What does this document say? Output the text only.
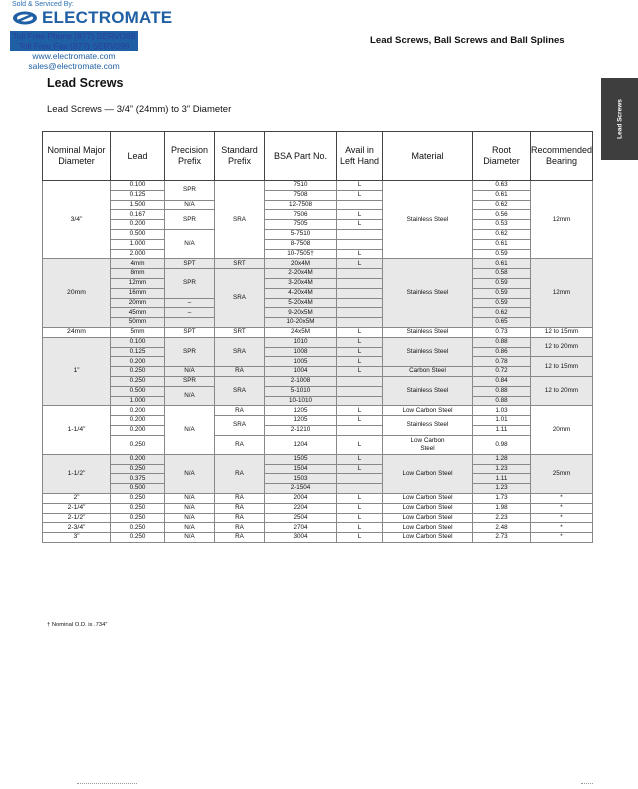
Sold & Serviced By:
ELECTROMATE
Toll Free Phone (877) SERVO98
Toll Free Fax (877) SERV099
www.electromate.com
sales@electromate.com
Lead Screws, Ball Screws and Ball Splines
Lead Screws
Lead Screws
Lead Screws — 3/4” (24mm) to 3” Diameter
Nominal Major Diameter	Lead	Precision Prefix	Standard Prefix	BSA Part No.	Avail in Left Hand	Material	Root Diameter	Recommended Bearing
3/4”	0.100	SPR	SRA	7510	L	Stainless Steel	0.63	12mm
	0.125			7508	L		0.61	
	1.500	N/A		12-7508			0.62	
	0.167	SPR		7506	L		0.56	
	0.200			7505	L		0.53	
	0.500	N/A		5-7510			0.62	
	1.000			8-7508			0.61	
	2.000			10-7505†	L		0.59	
20mm	4mm	SPT	SRT	20x4M	L	Stainless Steel	0.61	12mm
	8mm	SPR	SRA	2-20x4M			0.58	
	12mm			3-20x4M			0.59	
	16mm			4-20x4M			0.59	
	20mm	–		5-20x4M			0.59	
	45mm	–		9-20x5M			0.62	
	50mm			10-20x5M			0.65	
24mm	5mm	SPT	SRT	24x5M	L	Stainless Steel	0.73	12 to 15mm
1”	0.100	SPR	SRA	1010	L	Stainless Steel	0.88	12 to 20mm
	0.125			1008	L		0.86	
	0.200			1005	L		0.78	12 to 15mm
	0.250	N/A	RA	1004	L	Carbon Steel	0.72	
	0.250	SPR	SRA	2-1008		Stainless Steel	0.84	12 to 20mm
	0.500	N/A		5-1010			0.88	
	1.000			10-1010			0.88	
1-1/4”	0.200	N/A	RA	1205	L	Low Carbon Steel	1.03	20mm
	0.200		SRA	1205	L	Stainless Steel	1.01	
	0.200			2-1210			1.11	
	0.250		RA	1204	L	Low Carbon Steel	0.98	
1-1/2”	0.200	N/A	RA	1505	L	Low Carbon Steel	1.28	25mm
	0.250			1504	L		1.23	
	0.375			1503			1.11	
	0.500			2-1504			1.23	
2”	0.250	N/A	RA	2004	L	Low Carbon Steel	1.73	*
2-1/4”	0.250	N/A	RA	2204	L	Low Carbon Steel	1.98	*
2-1/2”	0.250	N/A	RA	2504	L	Low Carbon Steel	2.23	*
2-3/4”	0.250	N/A	RA	2704	L	Low Carbon Steel	2.48	*
3”	0.250	N/A	RA	3004	L	Low Carbon Steel	2.73	*
† Nominal O.D. is .734”
